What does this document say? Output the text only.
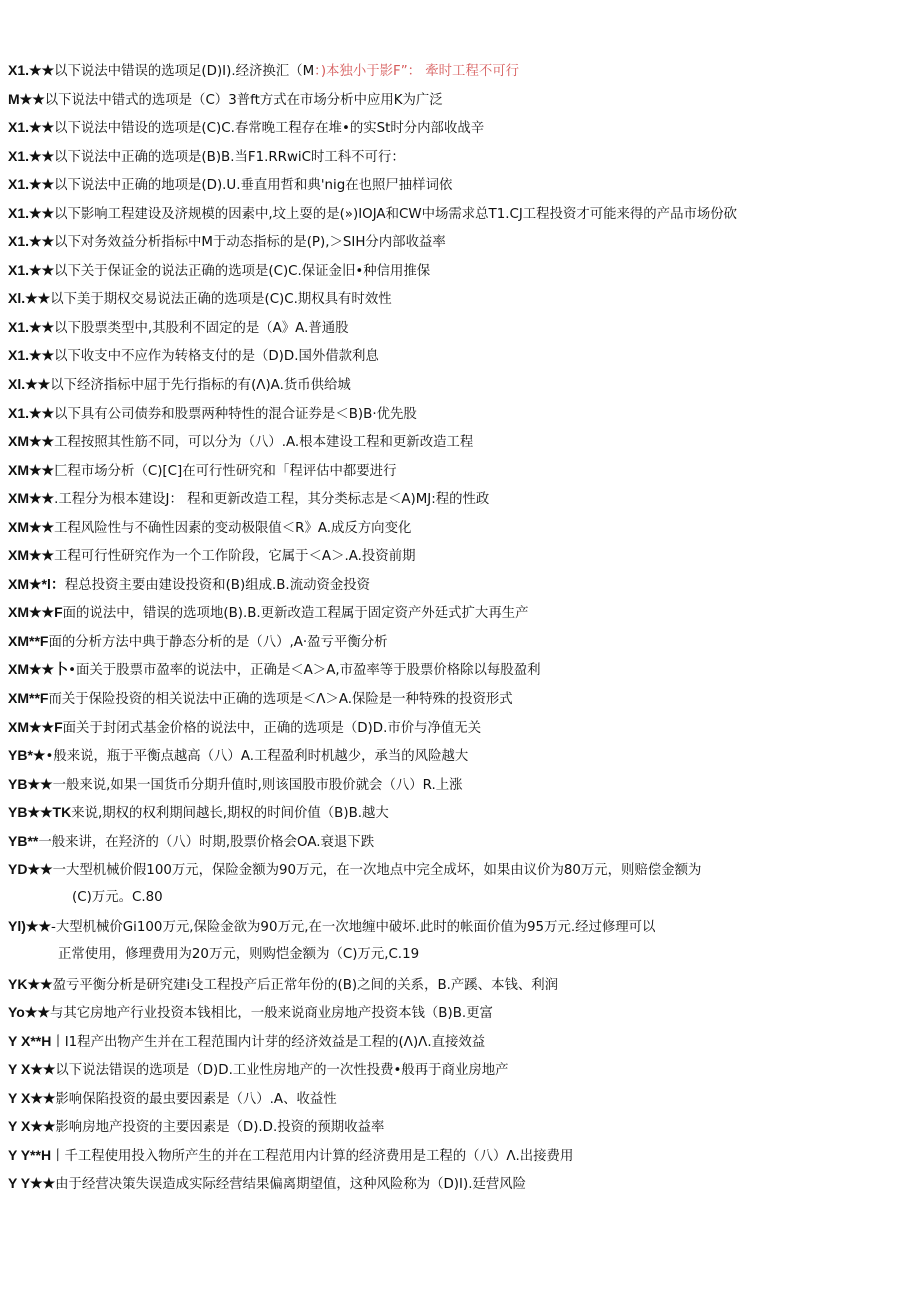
X1.★★以下说法中错误的选项足(D)I).经济换汇（M：)本独小于影F”： 牽时工程不可行
M★★以下说法中错式的选项是（C）3普ft方式在市场分析中应用K为广泛
X1.★★以下说法中错设的选项是(C)C.春常晚工程存在堆•的实St时分内部收战辛
X1.★★以下说法中正确的选项是(B)B.当F1.RRwiC时工科不可行：
X1.★★以下说法中正确的地项是(D).U.垂直用哲和典'nig在也照尸抽样词依
X1.★★以下影响工程建设及济规模的因素中,坟上耍的是(»)IOJA和CW中场需求总T1.CJ工程投资才可能来得的产品市场份砍
X1.★★以下对务效益分析指标中M于动态指标的是(P),＞SIH分内部收益率
X1.★★以下关于保证金的说法正确的选项是(C)C.保证金旧•种信用推保
Xl.★★以下美于期权交易说法正确的选项是(C)C.期权具有时效性
X1.★★以下股票类型中,其股利不固定的是（A》A.普通股
X1.★★以下收支中不应作为转格支付的是（D)D.国外借款利息
Xl.★★以下经济指标中屈于先行指标的有(Λ)A.货币供给城
X1.★★以下具有公司债券和股票两种特性的混合证券是＜B)B·优先股
XM★★工程按照其性筋不同，可以分为（八）.A.根本建设工程和更新改造工程
XM★★匚程市场分析（C)[C]在可行性研究和「程评估中都要进行
XM★★.工程分为根本建设J： 程和更新改造工程，其分类标志是＜A)MJ:程的性政
XM★★工程风险性与不确性因素的变动极限值＜R》A.成反方向变化
XM★★工程可行性研究作为一个工作阶段，它属于＜A＞.A.投资前期
XM★*l：程总投资主要由建设投资和(B)组成.B.流动资金投资
XM★★F面的说法中，错误的选项地(B).B.更新改造工程属于固定资产外廷式扩大再生产
XM**F面的分析方法中典于静态分析的是（八）,A·盈亏平衡分析
XM★★卜•面关于股票市盈率的说法中，正确是＜A＞A,市盈率等于股票价格除以每股盈利
XM**F而关于保险投资的相关说法中正确的选项是＜Λ＞A.保险是一种特殊的投资形式
XM★★F面关于封闭式基金价格的说法中，正确的选项是（D)D.市价与净值无关
YB*★•般来说，瓶于平衡点越高（八）A.工程盈利时机越少，承当的风险越大
YB★★一般来说,如果一国货币分期升值时,则该国股市股价就会（八）R.上涨
YB★★TK来说,期权的权利期间越长,期权的时间价值（B)B.越大
YB**一般来讲，在羟济的（八）时期,股票价格会OA.衰退下跌
YD★★一大型机械价假100万元，保险金额为90万元，在一次地点中完全成坏，如果由议价为80万元，则赔偿金额为
(C)万元。C.80
Yl)★★-大型机械价Gi100万元,保险金欲为90万元,在一次地缠中破坏.此时的帐面价值为95万元.经过修理可以
正常使用，修理费用为20万元，则购恺金额为（C)万元,C.19
YK★★盈亏平衡分析是研究建i殳工程投产后正常年份的(B)之间的关系，B.产蹊、本钱、利润
Yo★★与其它房地产行业投资本钱相比，一般来说商业房地产投资本钱（B)B.更富
Y X**H丨I1程产出物产生并在工程范围内计芽的经济效益是工程的(Λ)Λ.直接效益
Y X★★以下说法错误的选项是（D)D.工业性房地产的一次性投费•般再于商业房地产
Y X★★影响保陷投资的最虫要因素是（八）.A、收益性
Y X★★影响房地产投资的主要因素是（D).D.投资的预期收益率
Y Y**H丨千工程使用投入物所产生的并在工程范用内计算的经济费用是工程的（八）Λ.岀接费用
Y Y★★由于经营决策失误造成实际经营结果偏离期望值，这种风险称为（D)I).廷营风险
